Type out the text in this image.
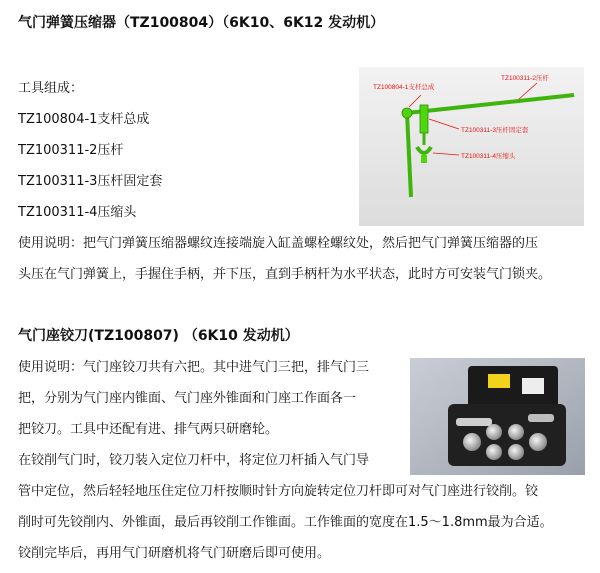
气门弹簧压缩器（TZ100804）（6K10、6K12 发动机）
工具组成：
TZ100804-1支杆总成
TZ100311-2压杆
TZ100311-3压杆固定套
TZ100311-4压缩头
TZ100804-1支杆总成
TZ100311-2压杆
TZ100311-3压杆固定套
TZ100311-4压缩头
使用说明：把气门弹簧压缩器螺纹连接端旋入缸盖螺栓螺纹处，然后把气门弹簧压缩器的压
头压在气门弹簧上，手握住手柄，并下压，直到手柄杆为水平状态，此时方可安装气门锁夹。
气门座铰刀(TZ100807) （6K10 发动机）
使用说明：气门座铰刀共有六把。其中进气门三把，排气门三
把，分别为气门座内锥面、气门座外锥面和门座工作面各一
把铰刀。工具中还配有进、排气两只研磨轮。
在铰削气门时，铰刀装入定位刀杆中，将定位刀杆插入气门导
管中定位，然后轻轻地压住定位刀杆按顺时针方向旋转定位刀杆即可对气门座进行铰削。铰
削时可先铰削内、外锥面，最后再铰削工作锥面。工作锥面的宽度在1.5～1.8mm最为合适。
铰削完毕后，再用气门研磨机将气门研磨后即可使用。
